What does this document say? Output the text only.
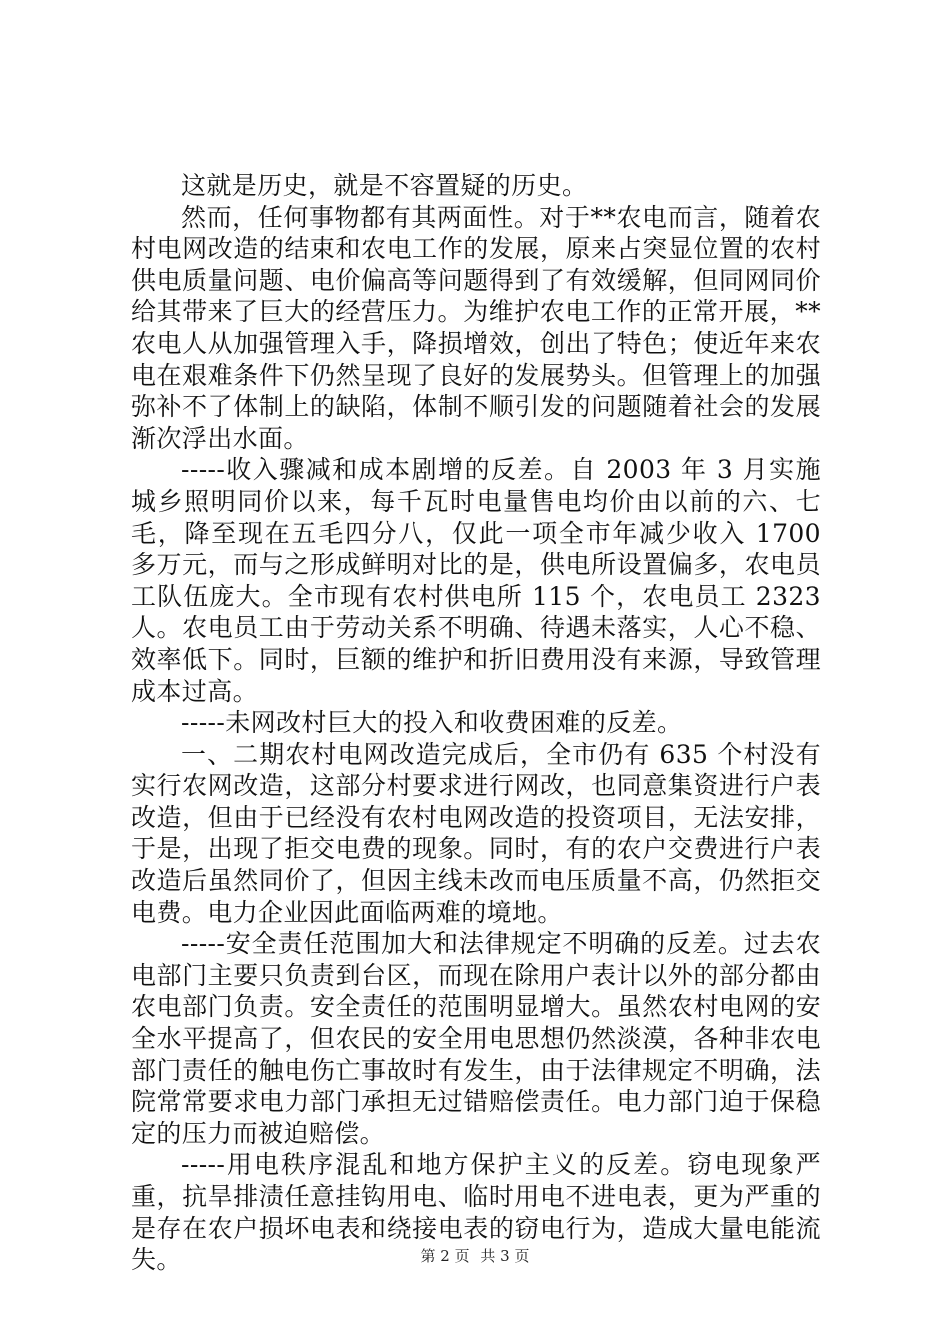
这就是历史，就是不容置疑的历史。

然而，任何事物都有其两面性。对于**农电而言，随着农村电网改造的结束和农电工作的发展，原来占突显位置的农村供电质量问题、电价偏高等问题得到了有效缓解，但同网同价给其带来了巨大的经营压力。为维护农电工作的正常开展，**农电人从加强管理入手，降损增效，创出了特色；使近年来农电在艰难条件下仍然呈现了良好的发展势头。但管理上的加强弥补不了体制上的缺陷，体制不顺引发的问题随着社会的发展渐次浮出水面。

-----收入骤减和成本剧增的反差。自 2003 年 3 月实施城乡照明同价以来，每千瓦时电量售电均价由以前的六、七毛，降至现在五毛四分八，仅此一项全市年减少收入 1700 多万元，而与之形成鲜明对比的是，供电所设置偏多，农电员工队伍庞大。全市现有农村供电所 115 个，农电员工 2323 人。农电员工由于劳动关系不明确、待遇未落实，人心不稳、效率低下。同时，巨额的维护和折旧费用没有来源，导致管理成本过高。

-----未网改村巨大的投入和收费困难的反差。

一、二期农村电网改造完成后，全市仍有 635 个村没有实行农网改造，这部分村要求进行网改，也同意集资进行户表改造，但由于已经没有农村电网改造的投资项目，无法安排，于是，出现了拒交电费的现象。同时，有的农户交费进行户表改造后虽然同价了，但因主线未改而电压质量不高，仍然拒交电费。电力企业因此面临两难的境地。

-----安全责任范围加大和法律规定不明确的反差。过去农电部门主要只负责到台区，而现在除用户表计以外的部分都由农电部门负责。安全责任的范围明显增大。虽然农村电网的安全水平提高了，但农民的安全用电思想仍然淡漠，各种非农电部门责任的触电伤亡事故时有发生，由于法律规定不明确，法院常常要求电力部门承担无过错赔偿责任。电力部门迫于保稳定的压力而被迫赔偿。

-----用电秩序混乱和地方保护主义的反差。窃电现象严重，抗旱排渍任意挂钩用电、临时用电不进电表，更为严重的是存在农户损坏电表和绕接电表的窃电行为，造成大量电能流失。	第 2 页 共 3 页
